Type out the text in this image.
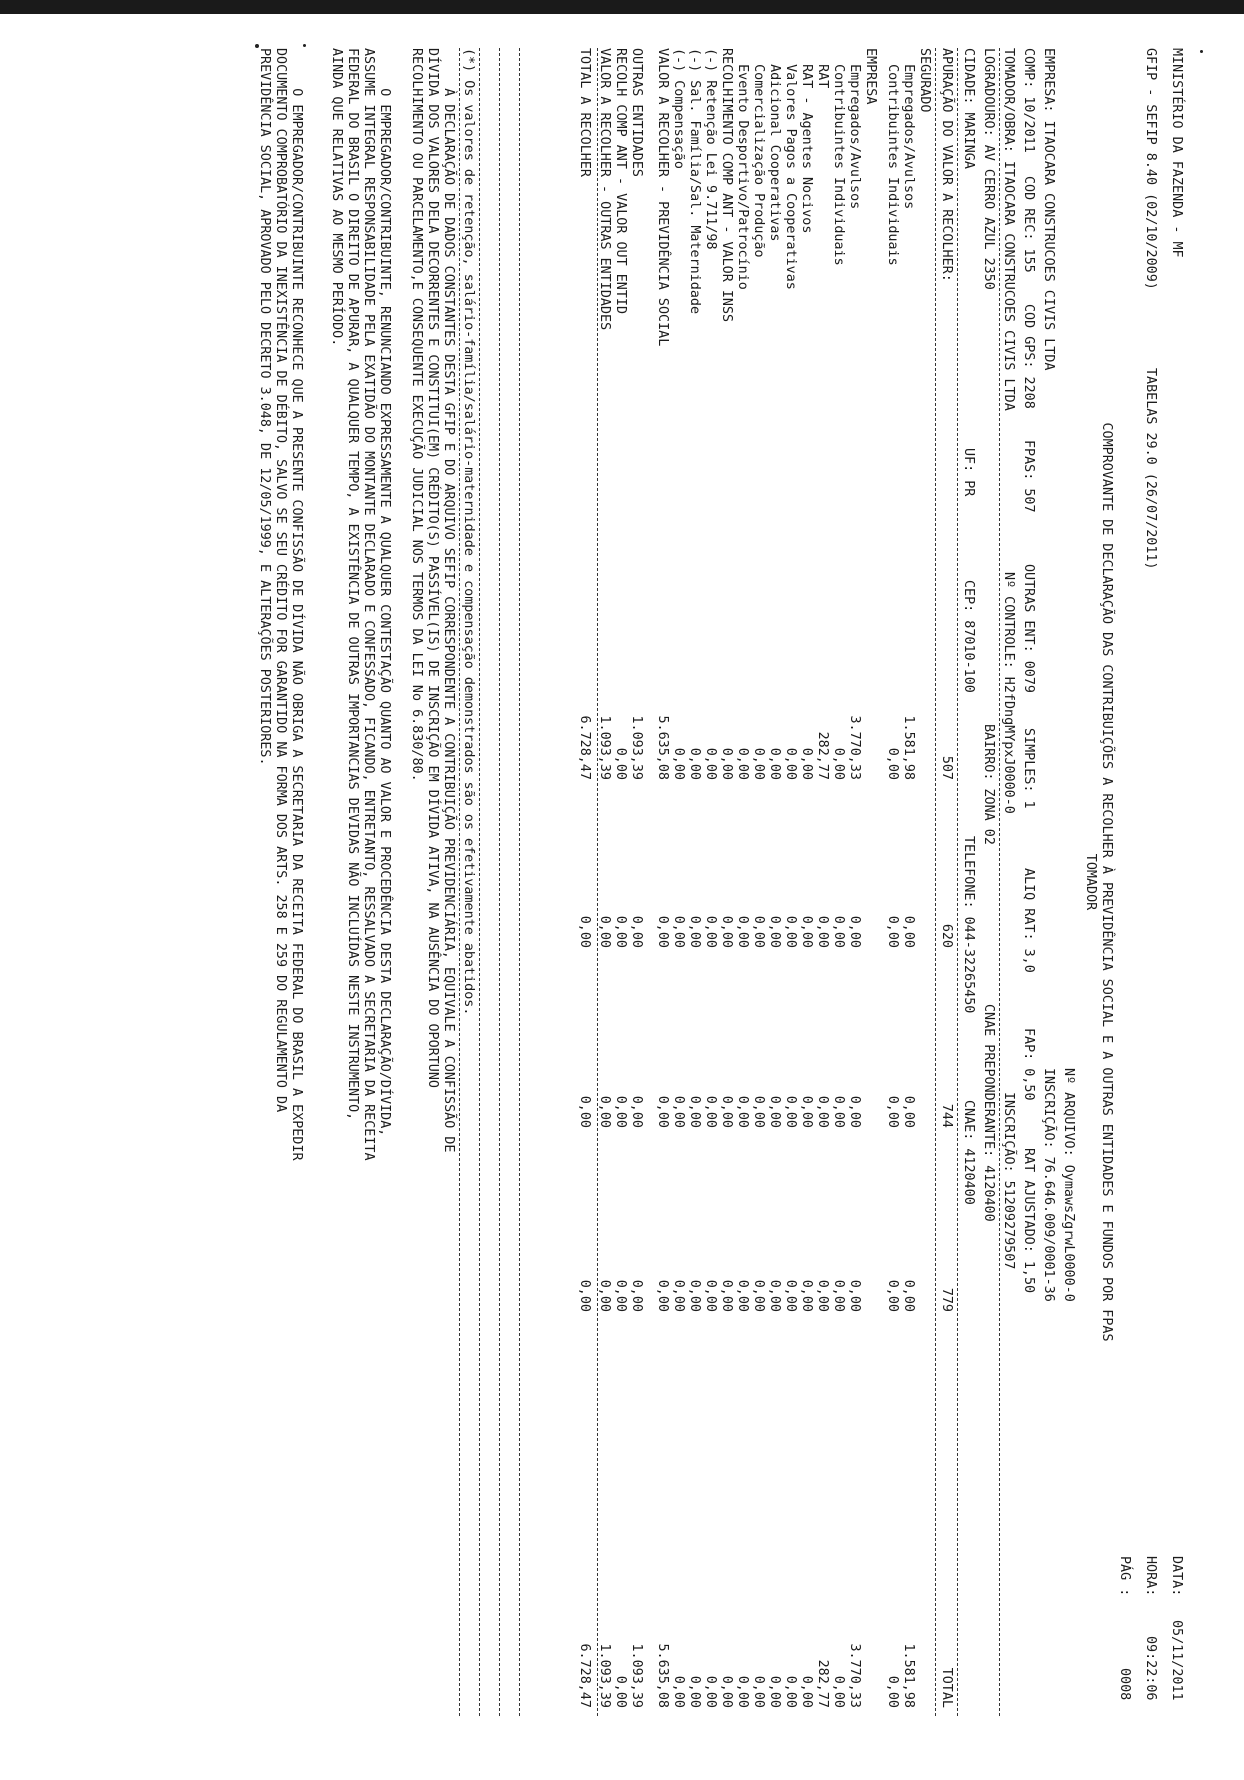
MINISTÉRIO DA FAZENDA - MF
DATA:
05/11/2011
GFIP - SEFIP 8.40 (02/10/2009)
TABELAS 29.0 (26/07/2011)
HORA:
09:22:06
PÁG :
0008
COMPROVANTE DE DECLARAÇÃO DAS CONTRIBUIÇÕES A RECOLHER À PREVIDÊNCIA SOCIAL E A OUTRAS ENTIDADES E FUNDOS POR FPAS
TOMADOR
Nº ARQUIVO: OymawsZgrwL0000-0
EMPRESA: ITAOCARA CONSTRUCOES CIVIS LTDA
INSCRIÇÃO: 76.646.009/0001-36
COMP: 10/2011
COD REC: 155
COD GPS: 2208
FPAS: 507
OUTRAS ENT: 0079
SIMPLES: 1
ALIQ RAT: 3,0
FAP: 0,50
RAT AJUSTADO: 1,50
TOMADOR/OBRA: ITAOCARA CONSTRUCOES CIVIS LTDA
Nº CONTROLE: H2fDngMYpxJ0000-0
INSCRIÇÃO: 51209279507
LOGRADOURO: AV CERRO AZUL 2350
BAIRRO: ZONA 02
CNAE PREPONDERANTE: 4120400
CIDADE: MARINGA
UF: PR
CEP: 87010-100
TELEFONE: 044-32265450
CNAE: 4120400
APURAÇÃO DO VALOR A RECOLHER:
507
620
744
779
TOTAL
SEGURADO
Empregados/Avulsos
1.581,98
0,00
0,00
0,00
1.581,98
Contribuintes Individuais
0,00
0,00
0,00
0,00
0,00
EMPRESA
Empregados/Avulsos
3.770,33
0,00
0,00
0,00
3.770,33
Contribuintes Individuais
0,00
0,00
0,00
0,00
0,00
RAT
282,77
0,00
0,00
0,00
282,77
RAT - Agentes Nocivos
0,00
0,00
0,00
0,00
0,00
Valores Pagos a Cooperativas
0,00
0,00
0,00
0,00
0,00
Adicional Cooperativas
0,00
0,00
0,00
0,00
0,00
Comercialização Produção
0,00
0,00
0,00
0,00
0,00
Evento Desportivo/Patrocínio
0,00
0,00
0,00
0,00
0,00
RECOLHIMENTO COMP ANT - VALOR INSS
0,00
0,00
0,00
0,00
0,00
(-) Retenção Lei 9.711/98
0,00
0,00
0,00
0,00
0,00
(-) Sal. Família/Sal. Maternidade
0,00
0,00
0,00
0,00
0,00
(-) Compensação
0,00
0,00
0,00
0,00
0,00
VALOR A RECOLHER - PREVIDÊNCIA SOCIAL
5.635,08
0,00
0,00
0,00
5.635,08
OUTRAS ENTIDADES
1.093,39
0,00
0,00
0,00
1.093,39
RECOLH COMP ANT - VALOR OUT ENTID
0,00
0,00
0,00
0,00
0,00
VALOR A RECOLHER - OUTRAS ENTIDADES
1.093,39
0,00
0,00
0,00
1.093,39
TOTAL A RECOLHER
6.728,47
0,00
0,00
0,00
6.728,47
(*) Os valores de retenção, salário-família/salário-maternidade e compensação demonstrados são os efetivamente abatidos.
À DECLARAÇÃO DE DADOS CONSTANTES DESTA GFIP E DO ARQUIVO SEFIP CORRESPONDENTE A CONTRIBUIÇÃO PREVIDENCIÁRIA, EQUIVALE A CONFISSÃO DE
DÍVIDA DOS VALORES DELA DECORRENTES E CONSTITUI(EM) CRÉDITO(S) PASSÍVEL(IS) DE INSCRIÇÃO EM DÍVIDA ATIVA, NA AUSÊNCIA DO OPORTUNO
RECOLHIMENTO OU PARCELAMENTO,E CONSEQUENTE EXECUÇÃO JUDICIAL NOS TERMOS DA LEI No 6.830/80.
O EMPREGADOR/CONTRIBUINTE, RENUNCIANDO EXPRESSAMENTE A QUALQUER CONTESTAÇÃO QUANTO AO VALOR E PROCEDÊNCIA DESTA DECLARAÇÃO/DÍVIDA,
ASSUME INTEGRAL RESPONSABILIDADE PELA EXATIDÃO DO MONTANTE DECLARADO E CONFESSADO, FICANDO, ENTRETANTO, RESSALVADO A SECRETARIA DA RECEITA
FEDERAL DO BRASIL O DIREITO DE APURAR, A QUALQUER TEMPO, A EXISTÊNCIA DE OUTRAS IMPORTANCIAS DEVIDAS NÃO INCLUÍDAS NESTE INSTRUMENTO,
AINDA QUE RELATIVAS AO MESMO PERÍODO.
O EMPREGADOR/CONTRIBUINTE RECONHECE QUE A PRESENTE CONFISSÃO DE DÍVIDA NÃO OBRIGA A SECRETARIA DA RECEITA FEDERAL DO BRASIL A EXPEDIR
DOCUMENTO COMPROBATÓRIO DA INEXISTÊNCIA DE DÉBITO, SALVO SE SEU CRÉDITO FOR GARANTIDO NA FORMA DOS ARTS. 258 E 259 DO REGULAMENTO DA
PREVIDÊNCIA SOCIAL, APROVADO PELO DECRETO 3.048, DE 12/05/1999, E ALTERAÇÕES POSTERIORES.
